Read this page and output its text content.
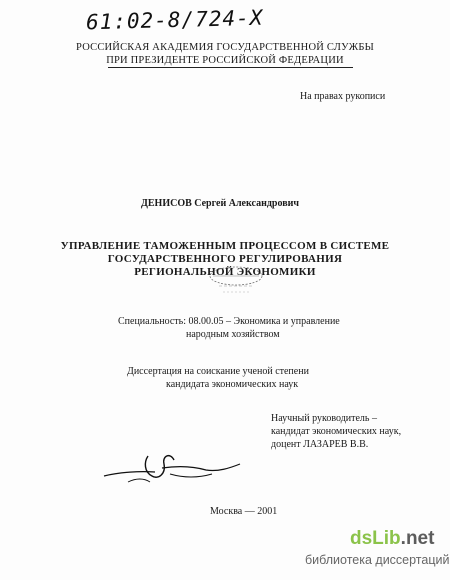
61:02-8/724-X
РОССИЙСКАЯ АКАДЕМИЯ ГОСУДАРСТВЕННОЙ СЛУЖБЫ
ПРИ ПРЕЗИДЕНТЕ РОССИЙСКОЙ ФЕДЕРАЦИИ
На правах рукописи
ДЕНИСОВ Сергей Александрович
УПРАВЛЕНИЕ ТАМОЖЕННЫМ ПРОЦЕССОМ В СИСТЕМЕ
ГОСУДАРСТВЕННОГО РЕГУЛИРОВАНИЯ
РЕГИОНАЛЬНОЙ ЭКОНОМИКИ
Специальность: 08.00.05 – Экономика и управление
народным хозяйством
Диссертация на соискание ученой степени
кандидата экономических наук
Научный руководитель –
кандидат экономических наук,
доцент ЛАЗАРЕВ В.В.
Москва — 2001
dsLib.net
библиотека диссертаций
